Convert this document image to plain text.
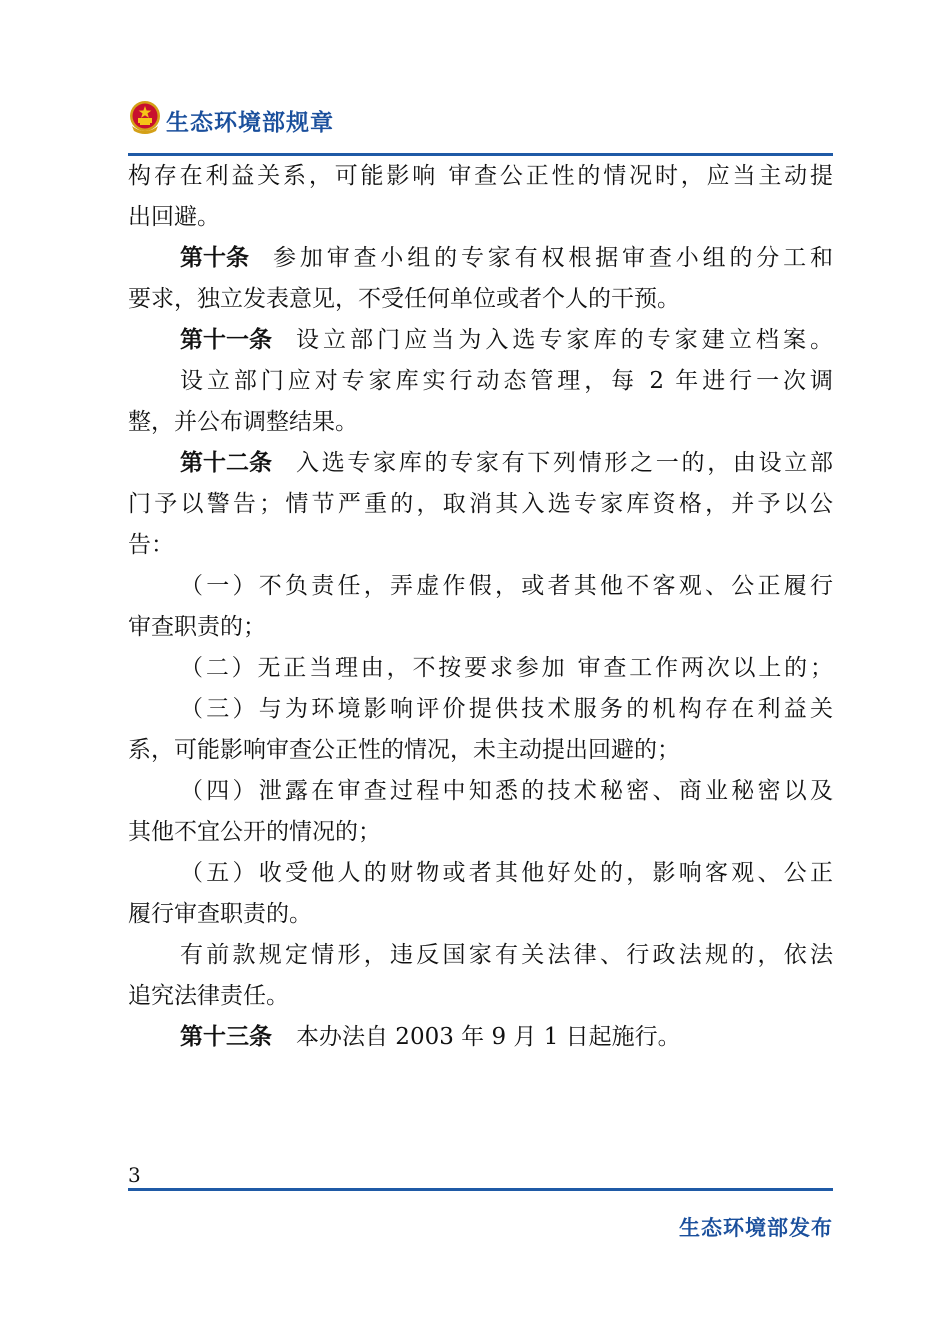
生态环境部规章
构存在利益关系，可能影响 审查公正性的情况时，应当主动提
出回避。
第十条 参加审查小组的专家有权根据审查小组的分工和
要求，独立发表意见，不受任何单位或者个人的干预。
第十一条 设立部门应当为入选专家库的专家建立档案。
设立部门应对专家库实行动态管理，每 2 年进行一次调
整，并公布调整结果。
第十二条 入选专家库的专家有下列情形之一的，由设立部
门予以警告；情节严重的，取消其入选专家库资格，并予以公
告：
（一）不负责任，弄虚作假，或者其他不客观、公正履行
审查职责的；
（二）无正当理由，不按要求参加 审查工作两次以上的；
（三）与为环境影响评价提供技术服务的机构存在利益关
系，可能影响审查公正性的情况，未主动提出回避的；
（四）泄露在审查过程中知悉的技术秘密、商业秘密以及
其他不宜公开的情况的；
（五）收受他人的财物或者其他好处的，影响客观、公正
履行审查职责的。
有前款规定情形，违反国家有关法律、行政法规的，依法
追究法律责任。
第十三条 本办法自 2003 年 9 月 1 日起施行。
3
生态环境部发布
